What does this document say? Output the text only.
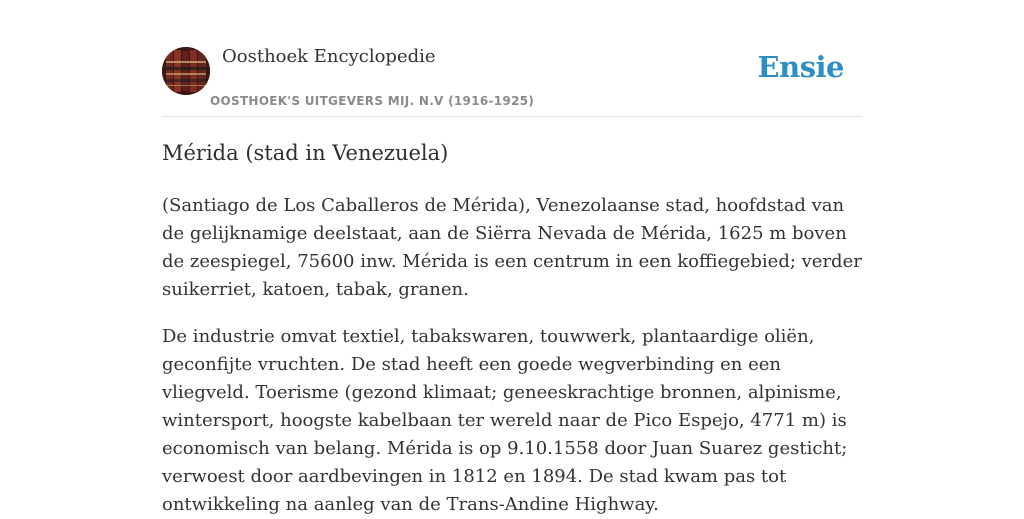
Oosthoek Encyclopedie
OOSTHOEK'S UITGEVERS MIJ. N.V (1916-1925)
Ensie
Mérida (stad in Venezuela)

(Santiago de Los Caballeros de Mérida), Venezolaanse stad, hoofdstad van de gelijknamige deelstaat, aan de Siërra Nevada de Mérida, 1625 m boven de zeespiegel, 75600 inw. Mérida is een centrum in een koffiegebied; verder suikerriet, katoen, tabak, granen.

De industrie omvat textiel, tabakswaren, touwwerk, plantaardige oliën, geconfijte vruchten. De stad heeft een goede wegverbinding en een vliegveld. Toerisme (gezond klimaat; geneeskrachtige bronnen, alpinisme, wintersport, hoogste kabelbaan ter wereld naar de Pico Espejo, 4771 m) is economisch van belang. Mérida is op 9.10.1558 door Juan Suarez gesticht; verwoest door aardbevingen in 1812 en 1894. De stad kwam pas tot ontwikkeling na aanleg van de Trans-Andine Highway.
